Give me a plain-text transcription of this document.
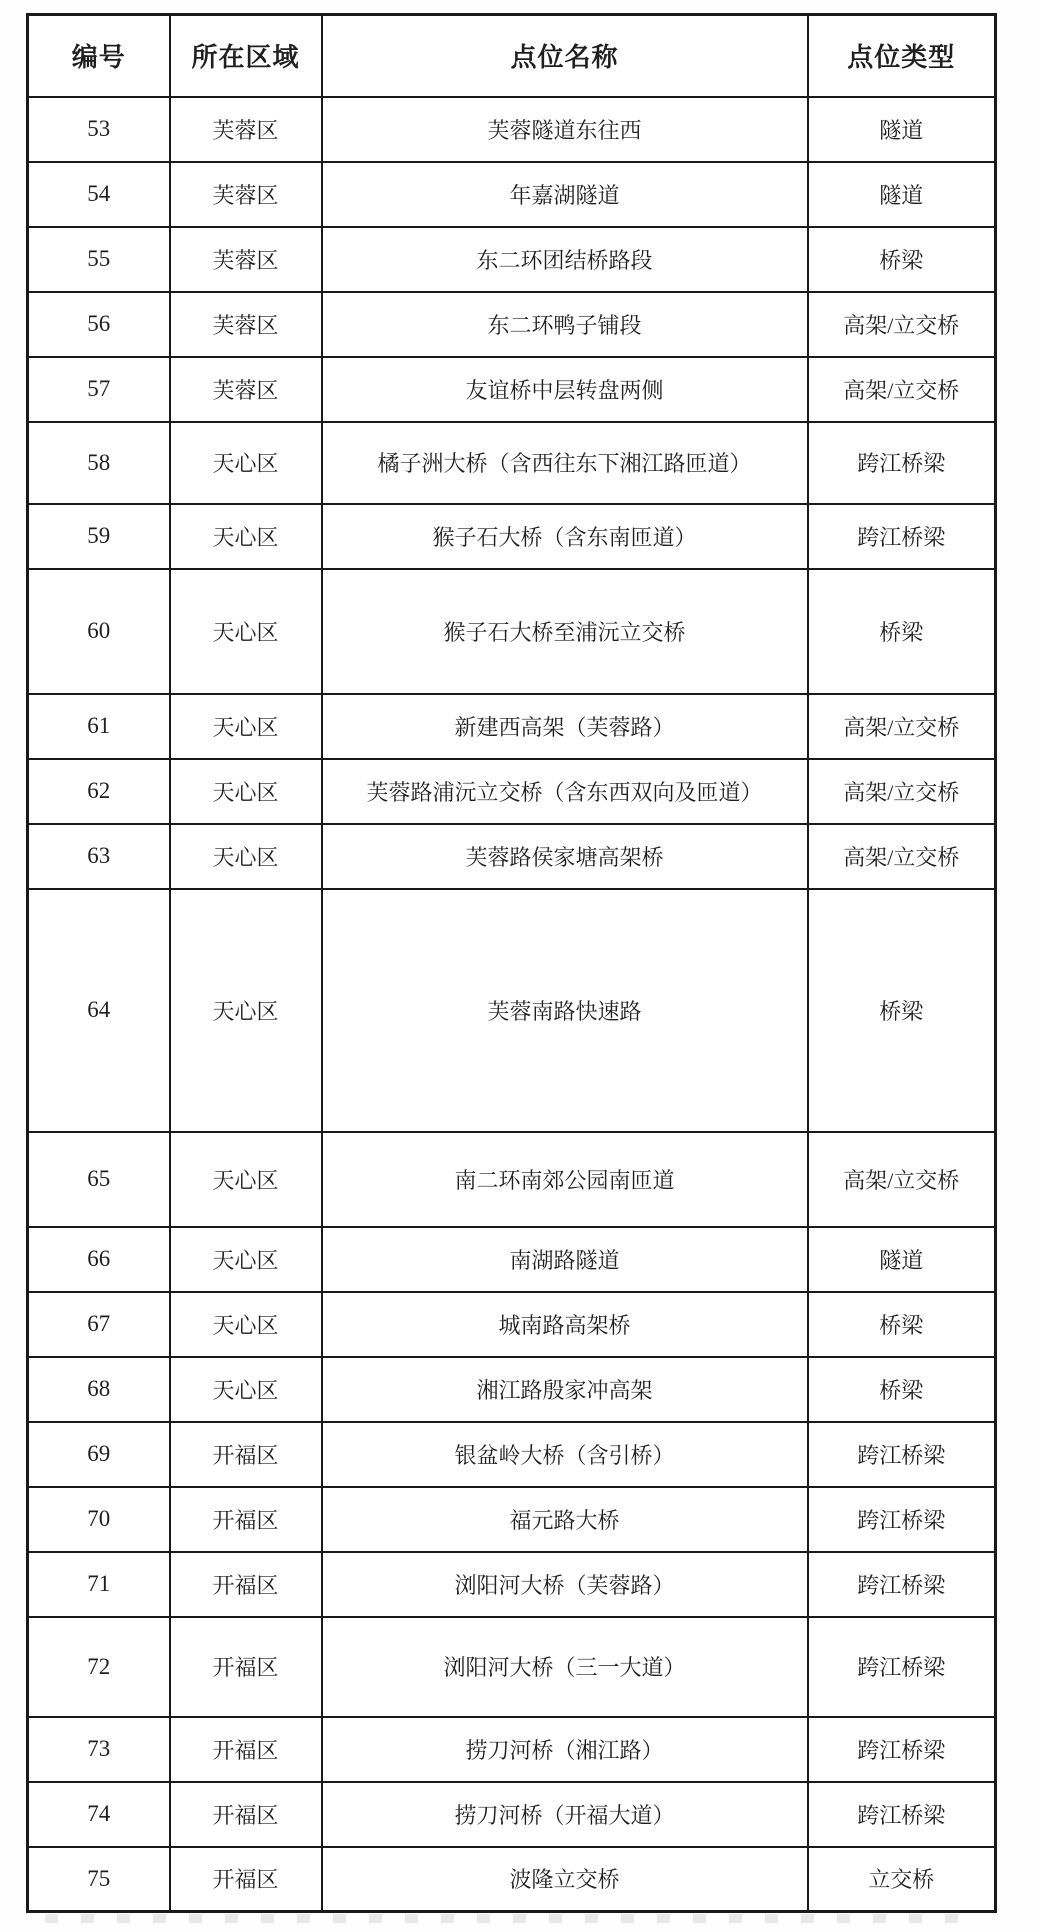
编号	所在区域	点位名称	点位类型
53	芙蓉区	芙蓉隧道东往西	隧道
54	芙蓉区	年嘉湖隧道	隧道
55	芙蓉区	东二环团结桥路段	桥梁
56	芙蓉区	东二环鸭子铺段	高架/立交桥
57	芙蓉区	友谊桥中层转盘两侧	高架/立交桥
58	天心区	橘子洲大桥（含西往东下湘江路匝道）	跨江桥梁
59	天心区	猴子石大桥（含东南匝道）	跨江桥梁
60	天心区	猴子石大桥至浦沅立交桥	桥梁
61	天心区	新建西高架（芙蓉路）	高架/立交桥
62	天心区	芙蓉路浦沅立交桥（含东西双向及匝道）	高架/立交桥
63	天心区	芙蓉路侯家塘高架桥	高架/立交桥
64	天心区	芙蓉南路快速路	桥梁
65	天心区	南二环南郊公园南匝道	高架/立交桥
66	天心区	南湖路隧道	隧道
67	天心区	城南路高架桥	桥梁
68	天心区	湘江路殷家冲高架	桥梁
69	开福区	银盆岭大桥（含引桥）	跨江桥梁
70	开福区	福元路大桥	跨江桥梁
71	开福区	浏阳河大桥（芙蓉路）	跨江桥梁
72	开福区	浏阳河大桥（三一大道）	跨江桥梁
73	开福区	捞刀河桥（湘江路）	跨江桥梁
74	开福区	捞刀河桥（开福大道）	跨江桥梁
75	开福区	波隆立交桥	立交桥
